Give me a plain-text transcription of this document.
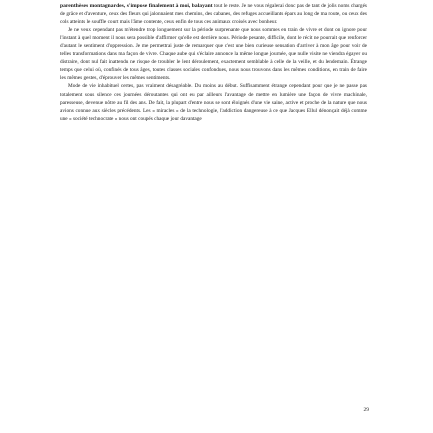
parenthèses montagnardes, s'impose finalement à moi, balayant tout le reste. Je ne vous régalerai donc pas de tant de jolis noms chargés de grâce et d'aventure, ceux des fleurs qui jalonnaient mes chemins, des cabanes, des refuges accueillants épars au long de ma route, ou ceux des cols atteints le souffle court mais l'âme contente, ceux enfin de tous ces animaux croisés avec bonheur.

Je ne veux cependant pas m'étendre trop longuement sur la période surprenante que nous sommes en train de vivre et dont on ignore pour l'instant à quel moment il nous sera possible d'affirmer qu'elle est derrière nous. Période pesante, difficile, dont le récit ne pourrait que renforcer d'autant le sentiment d'oppression. Je me permettrai juste de remarquer que c'est une bien curieuse sensation d'arriver à mon âge pour voir de telles transformations dans ma façon de vivre. Chaque aube qui s'éclaire annonce la même longue journée, que nulle visite ne viendra égayer ou distraire, dont nul fait inattendu ne risque de troubler le lent déroulement, exactement semblable à celle de la veille, et du lendemain. Étrange temps que celui où, confinés de tous âges, toutes classes sociales confondues, nous nous trouvons dans les mêmes conditions, en train de faire les mêmes gestes, d'éprouver les mêmes sentiments.

Mode de vie inhabituel certes, pas vraiment désagréable. Du moins au début. Suffisamment étrange cependant pour que je ne passe pas totalement sous silence ces journées déroutantes qui ont eu par ailleurs l'avantage de mettre en lumière une façon de vivre machinale, paresseuse, devenue nôtre au fil des ans. De fait, la plupart d'entre nous se sont éloignés d'une vie saine, active et proche de la nature que nous avions connue aux siècles précédents. Les « miracles » de la technologie, l'addiction dangereuse à ce que Jacques Ellul dénonçait déjà comme une « société technocrate » nous ont coupés chaque jour davantage

29
